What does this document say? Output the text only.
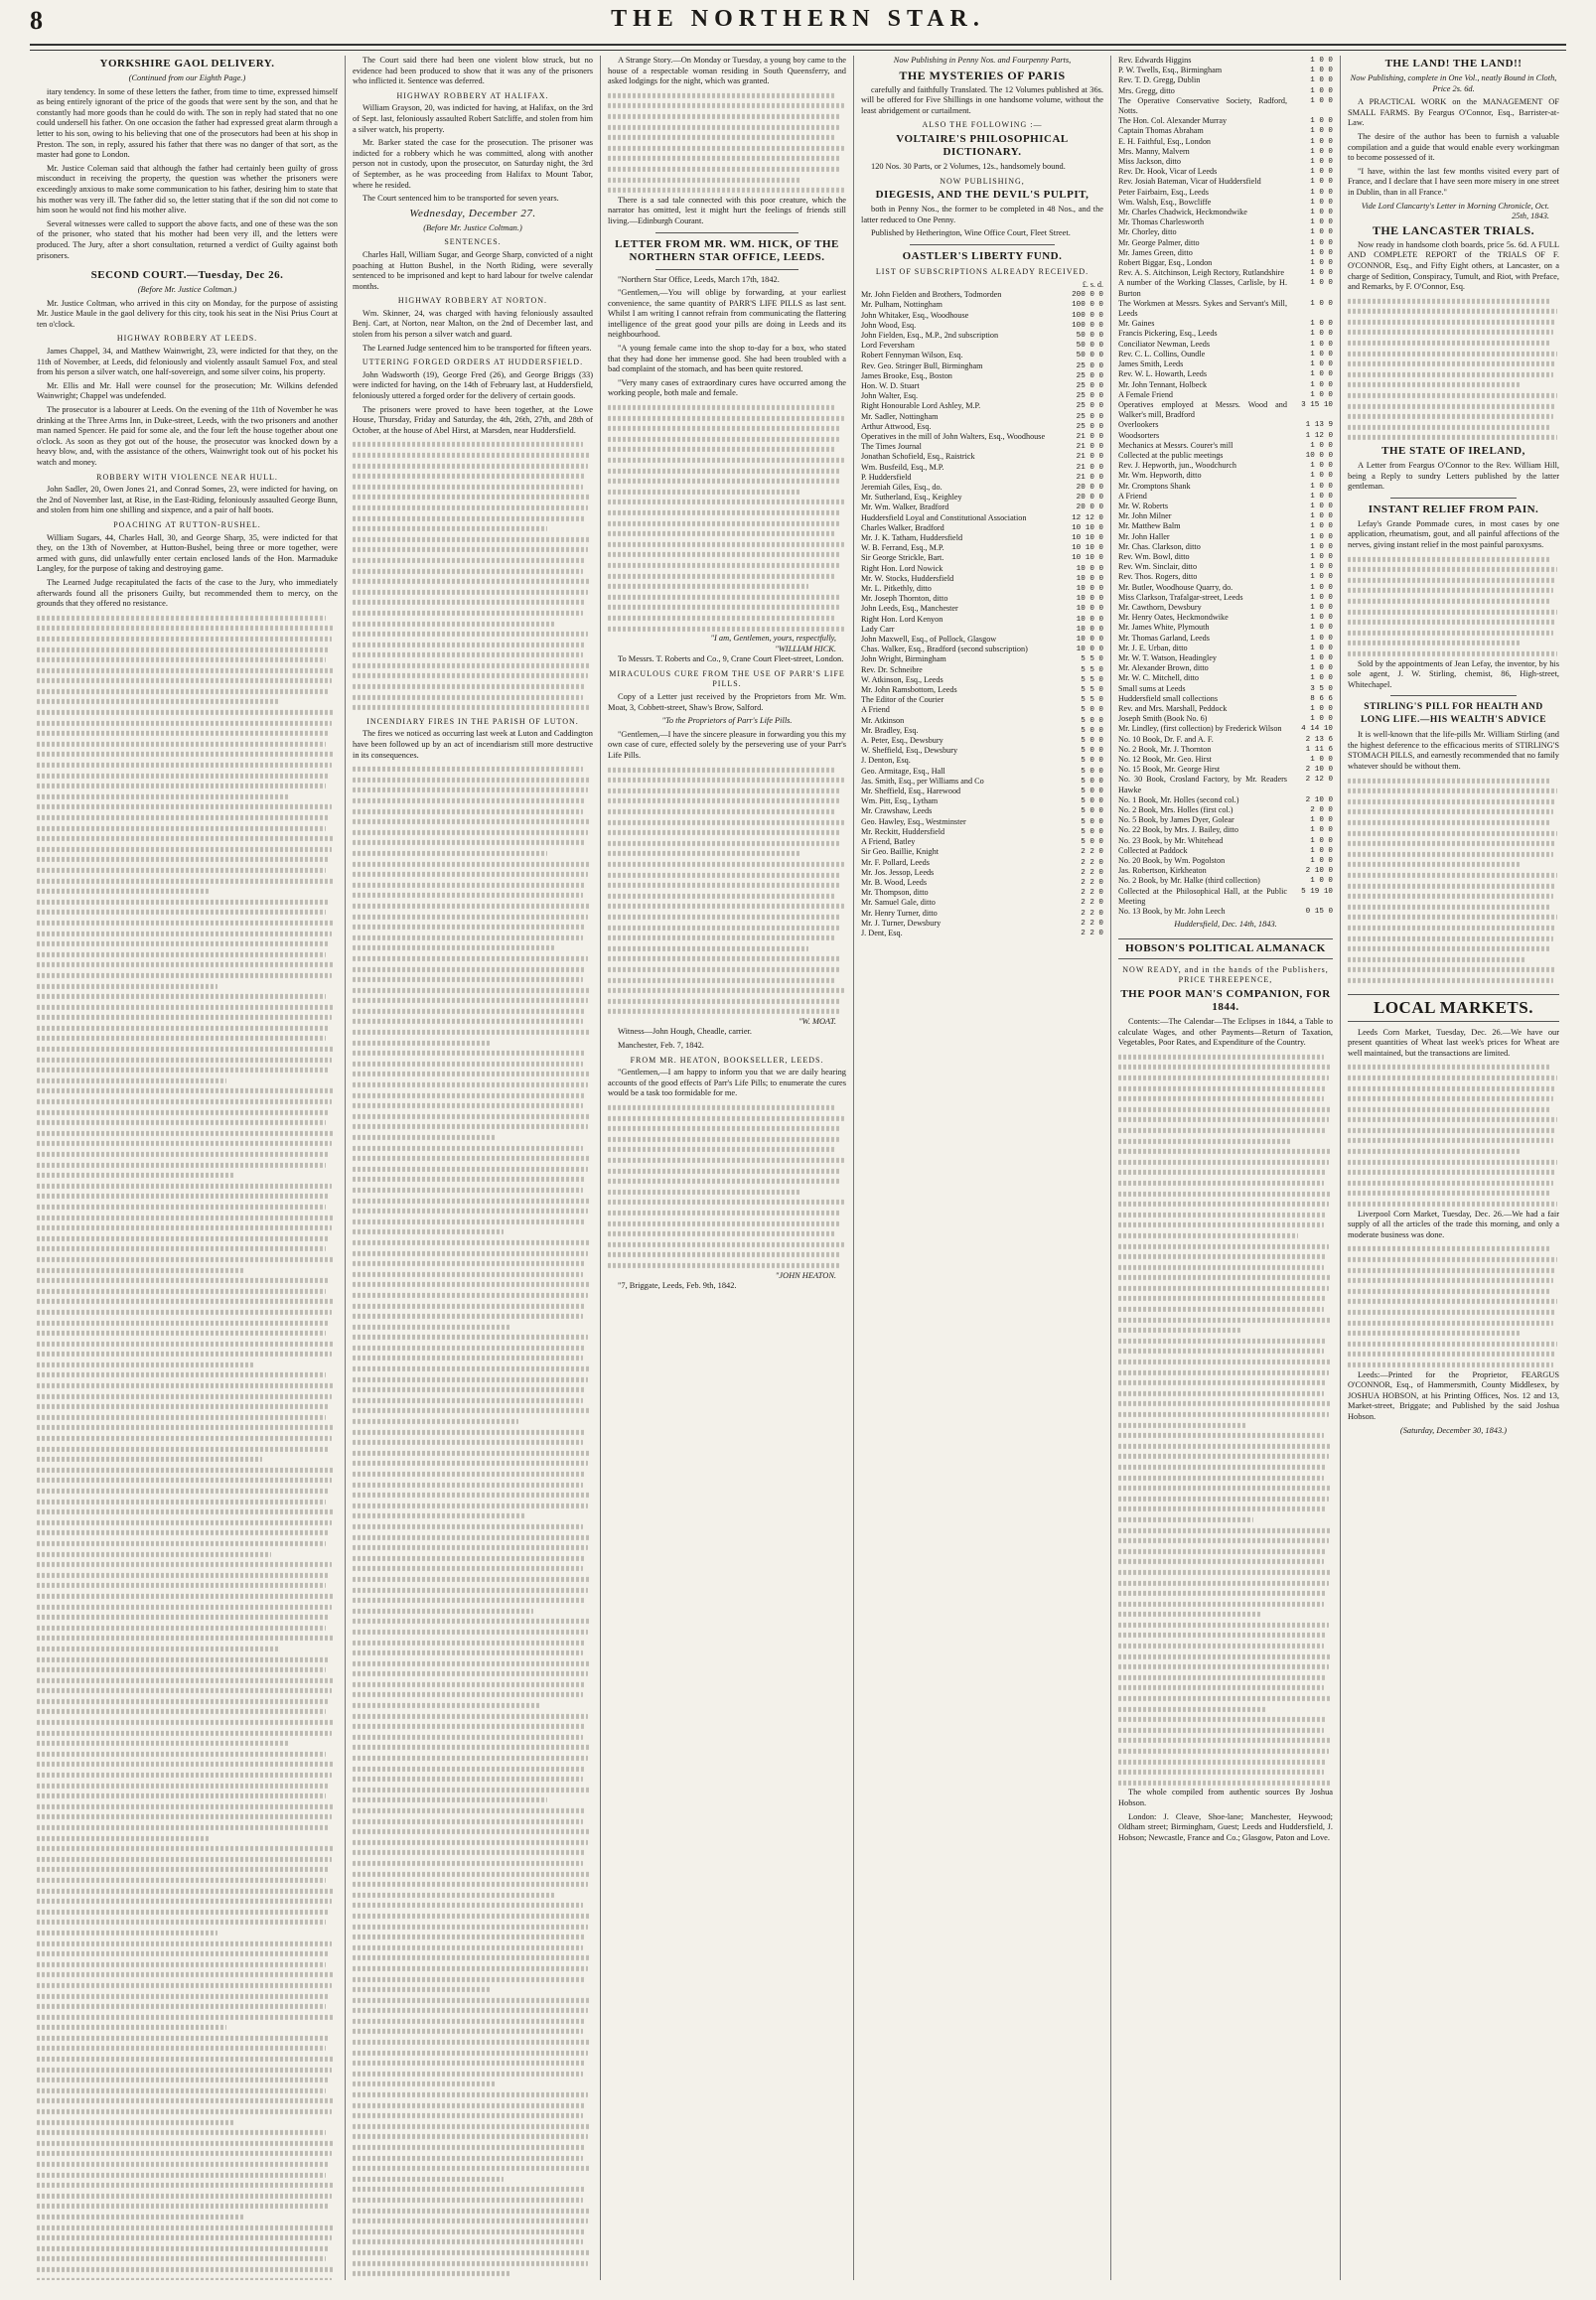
8	THE NORTHERN STAR.
YORKSHIRE GAOL DELIVERY.
(Continued from our Eighth Page.)

itary tendency. In some of these letters the father, from time to time, expressed himself as being entirely ignorant of the price of the goods that were sent by the son, and that he constantly had more goods than he could do with. The son in reply had stated that no one could undersell his father. On one occasion the father had expressed great alarm through a letter to his son, owing to his believing that one of the prosecutors had been at his shop in Preston. The son, in reply, assured his father that there was no danger of that sort, as the master had gone to London.

Mr. Justice Coleman said that although the father had certainly been guilty of gross misconduct in receiving the property, the question was whether the prisoners were exceedingly anxious to make some communication to his father, desiring him to state that his mother was very ill. The father did so, the letter stating that if the son did not come to him soon he would not find his mother alive.

Several witnesses were called to support the above facts, and one of these was the son of the prisoner, who stated that his mother had been very ill, and the letters were produced. The Jury, after a short consultation, returned a verdict of Guilty against both prisoners.

SECOND COURT.—Tuesday, Dec 26.
(Before Mr. Justice Coltman.)

Mr. Justice Coltman, who arrived in this city on Monday, for the purpose of assisting Mr. Justice Maule in the gaol delivery for this city, took his seat in the Nisi Prius Court at ten o'clock.

HIGHWAY ROBBERY AT LEEDS.

James Chappel, 34, and Matthew Wainwright, 23, were indicted for that they, on the 11th of November, at Leeds, did feloniously and violently assault Samuel Fox, and steal from his person a silver watch, one half-sovereign, and some silver coins, his property.

Mr. Ellis and Mr. Hall were counsel for the prosecution; Mr. Wilkins defended Wainwright; Chappel was undefended.

The prosecutor is a labourer at Leeds. On the evening of the 11th of November he was drinking at the Three Arms Inn, in Duke-street, Leeds, with the two prisoners and another man named Spencer. He paid for some ale, and the four left the house together about one o'clock. As soon as they got out of the house, the prosecutor was knocked down by a heavy blow, and, with the assistance of the others, Wainwright took out of his pocket his watch and money.

ROBBERY WITH VIOLENCE NEAR HULL.

John Sadler, 20, Owen Jones 21, and Conrad Somes, 23, were indicted for having, on the 2nd of November last, at Rise, in the East-Riding, feloniously assaulted George Bunn, and stolen from him one shilling and sixpence, and a pair of half boots.

POACHING AT RUTTON-RUSHEL.

William Sugars, 44, Charles Hall, 30, and George Sharp, 35, were indicted for that they, on the 13th of November, at Hutton-Bushel, being three or more together, were armed with guns, did unlawfully enter certain enclosed lands of the Hon. Marmaduke Langley, for the purpose of taking and destroying game.

The Learned Judge recapitulated the facts of the case to the Jury, who immediately afterwards found all the prisoners Guilty, but recommended them to mercy, on the grounds that they offered no resistance.

The Court said there had been one violent blow struck, but no evidence had been produced to show that it was any of the prisoners who inflicted it. Sentence was deferred.

HIGHWAY ROBBERY AT HALIFAX.

William Grayson, 20, was indicted for having, at Halifax, on the 3rd of Sept. last, feloniously assaulted Robert Satcliffe, and stolen from him a silver watch, his property.

Mr. Barker stated the case for the prosecution. The prisoner was indicted for a robbery which he was committed, along with another person not in custody, upon the prosecutor, on Saturday night, the 3rd of September, as he was proceeding from Halifax to Mount Tabor, where he resided.

The Court sentenced him to be transported for seven years.

Wednesday, December 27.
(Before Mr. Justice Coltman.)
SENTENCES.

Charles Hall, William Sugar, and George Sharp, convicted of a night poaching at Hutton Bushel, in the North Riding, were severally sentenced to be imprisoned and kept to hard labour for twelve calendar months.

HIGHWAY ROBBERY AT NORTON.

Wm. Skinner, 24, was charged with having feloniously assaulted Benj. Cart, at Norton, near Malton, on the 2nd of December last, and stolen from his person a silver watch and guard.

The Learned Judge sentenced him to be transported for fifteen years.

UTTERING FORGED ORDERS AT HUDDERSFIELD.

John Wadsworth (19), George Fred (26), and George Briggs (33) were indicted for having, on the 14th of February last, at Huddersfield, feloniously uttered a forged order for the delivery of certain goods.

The prisoners were proved to have been together, at the Lowe House, Thursday, Friday and Saturday, the 4th, 26th, 27th, and 28th of October, at the house of Abel Hirst, at Marsden, near Huddersfield.

INCENDIARY FIRES IN THE PARISH OF LUTON.

The fires we noticed as occurring last week at Luton and Caddington have been followed up by an act of incendiarism still more destructive in its consequences.

A Strange Story.—On Monday or Tuesday, a young boy came to the house of a respectable woman residing in South Queensferry, and asked lodgings for the night, which was granted.

There is a sad tale connected with this poor creature, which the narrator has omitted, lest it might hurt the feelings of friends still living.—Edinburgh Courant.

LETTER FROM MR. WM. HICK, OF THE NORTHERN STAR OFFICE, LEEDS.

"Northern Star Office, Leeds, March 17th, 1842.

"Gentlemen,—You will oblige by forwarding, at your earliest convenience, the same quantity of PARR'S LIFE PILLS as last sent. Whilst I am writing I cannot refrain from communicating the flattering intelligence of the great good your pills are doing in Leeds and its neighbourhood.

"A young female came into the shop to-day for a box, who stated that they had done her immense good. She had been troubled with a bad complaint of the stomach, and has been quite restored.

"Very many cases of extraordinary cures have occurred among the working people, both male and female.

"I am, Gentlemen, yours, respectfully,
"WILLIAM HICK.

To Messrs. T. Roberts and Co., 9, Crane Court Fleet-street, London.

MIRACULOUS CURE FROM THE USE OF PARR'S LIFE PILLS.

Copy of a Letter just received by the Proprietors from Mr. Wm. Moat, 3, Cobbett-street, Shaw's Brow, Salford.

"To the Proprietors of Parr's Life Pills.

"Gentlemen,—I have the sincere pleasure in forwarding you this my own case of cure, effected solely by the persevering use of your Parr's Life Pills.

"W. MOAT.

Witness—John Hough, Cheadle, carrier.

Manchester, Feb. 7, 1842.

FROM MR. HEATON, BOOKSELLER, LEEDS.

"Gentlemen,—I am happy to inform you that we are daily hearing accounts of the good effects of Parr's Life Pills; to enumerate the cures would be a task too formidable for me.

"JOHN HEATON.

"7, Briggate, Leeds, Feb. 9th, 1842.

Now Publishing in Penny Nos. and Fourpenny Parts,
THE MYSTERIES OF PARIS

carefully and faithfully Translated. The 12 Volumes published at 36s. will be offered for Five Shillings in one handsome volume, without the least abridgement or curtailment.

ALSO THE FOLLOWING :—
VOLTAIRE'S PHILOSOPHICAL DICTIONARY.

120 Nos. 30 Parts, or 2 Volumes, 12s., handsomely bound.

NOW PUBLISHING,
DIEGESIS, AND THE DEVIL'S PULPIT,

both in Penny Nos., the former to be completed in 48 Nos., and the latter reduced to One Penny.

Published by Hetherington, Wine Office Court, Fleet Street.

OASTLER'S LIBERTY FUND.
LIST OF SUBSCRIPTIONS ALREADY RECEIVED.
£. s. d.
Mr. John Fielden and Brothers, Todmorden	200 0 0
Mr. Pulham, Nottingham	100 0 0
John Whitaker, Esq., Woodhouse	100 0 0
John Wood, Esq.	100 0 0
John Fielden, Esq., M.P., 2nd subscription	50 0 0
Lord Feversham	50 0 0
Robert Fennyman Wilson, Esq.	50 0 0
Rev. Geo. Stringer Bull, Birmingham	25 0 0
James Brooke, Esq., Boston	25 0 0
Hon. W. D. Stuart	25 0 0
John Walter, Esq.	25 0 0
Right Honourable Lord Ashley, M.P.	25 0 0
Mr. Sadler, Nottingham	25 0 0
Arthur Attwood, Esq.	25 0 0
Operatives in the mill of John Walters, Esq., Woodhouse	21 0 0
The Times Journal	21 0 0
Jonathan Schofield, Esq., Raistrick	21 0 0
Wm. Busfeild, Esq., M.P.	21 0 0
P. Huddersfield	21 0 0
Jeremiah Giles, Esq., do.	20 0 0
Mr. Sutherland, Esq., Keighley	20 0 0
Mr. Wm. Walker, Bradford	20 0 0
Huddersfield Loyal and Constitutional Association	12 12 0
Charles Walker, Bradford	10 10 0
Mr. J. K. Tatham, Huddersfield	10 10 0
W. B. Ferrand, Esq., M.P.	10 10 0
Sir George Strickle, Bart.	10 10 0
Right Hon. Lord Nowick	10 0 0
Mr. W. Stocks, Huddersfield	10 0 0
Mr. L. Pitkethly, ditto	10 0 0
Mr. Joseph Thornton, ditto	10 0 0
John Leeds, Esq., Manchester	10 0 0
Right Hon. Lord Kenyon	10 0 0
Lady Carr	10 0 0
John Maxwell, Esq., of Pollock, Glasgow	10 0 0
Chas. Walker, Esq., Bradford (second subscription)	10 0 0
John Wright, Birmingham	5 5 0
Rev. Dr. Schneibre	5 5 0
W. Atkinson, Esq., Leeds	5 5 0
Mr. John Ramsbottom, Leeds	5 5 0
The Editor of the Courier	5 5 0
A Friend	5 0 0
Mr. Atkinson	5 0 0
Mr. Bradley, Esq.	5 0 0
A. Peter, Esq., Dewsbury	5 0 0
W. Sheffield, Esq., Dewsbury	5 0 0
J. Denton, Esq.	5 0 0
Geo. Armitage, Esq., Hall	5 0 0
Jas. Smith, Esq., per Williams and Co	5 0 0
Mr. Sheffield, Esq., Harewood	5 0 0
Wm. Pitt, Esq., Lytham	5 0 0
Mr. Crawshaw, Leeds	5 0 0
Geo. Hawley, Esq., Westminster	5 0 0
Mr. Reckitt, Huddersfield	5 0 0
A Friend, Batley	5 0 0
Sir Geo. Baillie, Knight	2 2 0
Mr. F. Pollard, Leeds	2 2 0
Mr. Jos. Jessop, Leeds	2 2 0
Mr. B. Wood, Leeds	2 2 0
Mr. Thompson, ditto	2 2 0
Mr. Samuel Gale, ditto	2 2 0
Mr. Henry Turner, ditto	2 2 0
Mr. J. Turner, Dewsbury	2 2 0
J. Dent, Esq.	2 2 0
Rev. Edwards Higgins	1 0 0
P. W. Twells, Esq., Birmingham	1 0 0
Rev. T. D. Gregg, Dublin	1 0 0
Mrs. Gregg, ditto	1 0 0
The Operative Conservative Society, Radford, Notts.	1 0 0
The Hon. Col. Alexander Murray	1 0 0
Captain Thomas Abraham	1 0 0
E. H. Faithful, Esq., London	1 0 0
Mrs. Manny, Malvern	1 0 0
Miss Jackson, ditto	1 0 0
Rev. Dr. Hook, Vicar of Leeds	1 0 0
Rev. Josiah Bateman, Vicar of Huddersfield	1 0 0
Peter Fairbairn, Esq., Leeds	1 0 0
Wm. Walsh, Esq., Bowcliffe	1 0 0
Mr. Charles Chadwick, Heckmondwike	1 0 0
Mr. Thomas Charlesworth	1 0 0
Mr. Chorley, ditto	1 0 0
Mr. George Palmer, ditto	1 0 0
Mr. James Green, ditto	1 0 0
Robert Biggar, Esq., London	1 0 0
Rev. A. S. Aitchinson, Leigh Rectory, Rutlandshire	1 0 0
A number of the Working Classes, Carlisle, by H. Burton	1 0 0
The Workmen at Messrs. Sykes and Servant's Mill, Leeds	1 0 0
Mr. Gaines	1 0 0
Francis Pickering, Esq., Leeds	1 0 0
Conciliator Newman, Leeds	1 0 0
Rev. C. L. Collins, Oundle	1 0 0
James Smith, Leeds	1 0 0
Rev. W. L. Howarth, Leeds	1 0 0
Mr. John Tennant, Holbeck	1 0 0
A Female Friend	1 0 0
Operatives employed at Messrs. Wood and Walker's mill, Bradford	3 15 10
Overlookers	1 13 9
Woodsorters	1 12 0
Mechanics at Messrs. Courer's mill	1 0 0
Collected at the public meetings	10 0 0
Rev. J. Hepworth, jun., Woodchurch	1 0 0
Mr. Wm. Hepworth, ditto	1 0 0
Mr. Cromptons Shank	1 0 0
A Friend	1 0 0
Mr. W. Roberts	1 0 0
Mr. John Milner	1 0 0
Mr. Matthew Balm	1 0 0
Mr. John Haller	1 0 0
Mr. Chas. Clarkson, ditto	1 0 0
Rev. Wm. Bowl, ditto	1 0 0
Rev. Wm. Sinclair, ditto	1 0 0
Rev. Thos. Rogers, ditto	1 0 0
Mr. Butler, Woodhouse Quarry, do.	1 0 0
Miss Clarkson, Trafalgar-street, Leeds	1 0 0
Mr. Cawthorn, Dewsbury	1 0 0
Mr. Henry Oates, Heckmondwike	1 0 0
Mr. James White, Plymouth	1 0 0
Mr. Thomas Garland, Leeds	1 0 0
Mr. J. E. Urban, ditto	1 0 0
Mr. W. T. Watson, Headingley	1 0 0
Mr. Alexander Brown, ditto	1 0 0
Mr. W. C. Mitchell, ditto	1 0 0
Small sums at Leeds	3 5 0
Huddersfield small collections	8 6 6
Rev. and Mrs. Marshall, Peddock	1 0 0
Joseph Smith (Book No. 6)	1 0 0
Mr. Lindley, (first collection) by Frederick Wilson	4 14 10
No. 10 Book, Dr. F. and A. F.	2 13 6
No. 2 Book, Mr. J. Thornton	1 11 6
No. 12 Book, Mr. Geo. Hirst	1 0 0
No. 15 Book, Mr. George Hirst	2 10 0
No. 30 Book, Crosland Factory, by Mr. Readers Hawke	2 12 0
No. 1 Book, Mr. Holles (second col.)	2 10 0
No. 2 Book, Mrs. Holles (first col.)	2 0 0
No. 5 Book, by James Dyer, Golear	1 0 0
No. 22 Book, by Mrs. J. Bailey, ditto	1 0 0
No. 23 Book, by Mr. Whitehead	1 0 0
Collected at Paddock	1 0 0
No. 20 Book, by Wm. Pogolston	1 0 0
Jas. Robertson, Kirkheaton	2 10 0
No. 2 Book, by Mr. Halke (third collection)	1 0 0
Collected at the Philosophical Hall, at the Public Meeting	5 19 10
No. 13 Book, by Mr. John Leech	0 15 0
Huddersfield, Dec. 14th, 1843.
HOBSON'S POLITICAL ALMANACK
NOW READY, and in the hands of the Publishers, PRICE THREEPENCE,
THE POOR MAN'S COMPANION, FOR 1844.

Contents:—The Calendar—The Eclipses in 1844, a Table to calculate Wages, and other Payments—Return of Taxation, Vegetables, Poor Rates, and Expenditure of the Country.

The whole compiled from authentic sources By Joshua Hobson.

London: J. Cleave, Shoe-lane; Manchester, Heywood; Oldham street; Birmingham, Guest; Leeds and Huddersfield, J. Hobson; Newcastle, France and Co.; Glasgow, Paton and Love.

THE LAND! THE LAND!!
Now Publishing, complete in One Vol., neatly Bound in Cloth, Price 2s. 6d.

A PRACTICAL WORK on the MANAGEMENT OF SMALL FARMS. By Feargus O'Connor, Esq., Barrister-at-Law.

The desire of the author has been to furnish a valuable compilation and a guide that would enable every workingman to become possessed of it.

"I have, within the last few months visited every part of France, and I declare that I have seen more misery in one street in Dublin, than in all France."

Vide Lord Clancarty's Letter in Morning Chronicle, Oct. 25th, 1843.
THE LANCASTER TRIALS.

Now ready in handsome cloth boards, price 5s. 6d. A FULL AND COMPLETE REPORT of the TRIALS OF F. O'CONNOR, Esq., and Fifty Eight others, at Lancaster, on a charge of Sedition, Conspiracy, Tumult, and Riot, with Preface, and Remarks, by F. O'Connor, Esq.

THE STATE OF IRELAND,

A Letter from Feargus O'Connor to the Rev. William Hill, being a Reply to sundry Letters published by the latter gentleman.

INSTANT RELIEF FROM PAIN.

Lefay's Grande Pommade cures, in most cases by one application, rheumatism, gout, and all painful affections of the nerves, giving instant relief in the most painful paroxysms.

Sold by the appointments of Jean Lefay, the inventor, by his sole agent, J. W. Stirling, chemist, 86, High-street, Whitechapel.

STIRLING'S PILL FOR HEALTH AND LONG LIFE.—HIS WEALTH'S ADVICE

It is well-known that the life-pills Mr. William Stirling (and the highest deference to the efficacious merits of STIRLING'S STOMACH PILLS, and earnestly recommended that no family whatever should be without them.

LOCAL MARKETS.

Leeds Corn Market, Tuesday, Dec. 26.—We have our present quantities of Wheat last week's prices for Wheat are well maintained, but the transactions are limited.

Liverpool Corn Market, Tuesday, Dec. 26.—We had a fair supply of all the articles of the trade this morning, and only a moderate business was done.

Leeds:—Printed for the Proprietor, FEARGUS O'CONNOR, Esq., of Hammersmith, County Middlesex, by JOSHUA HOBSON, at his Printing Offices, Nos. 12 and 13, Market-street, Briggate; and Published by the said Joshua Hobson.

(Saturday, December 30, 1843.)
